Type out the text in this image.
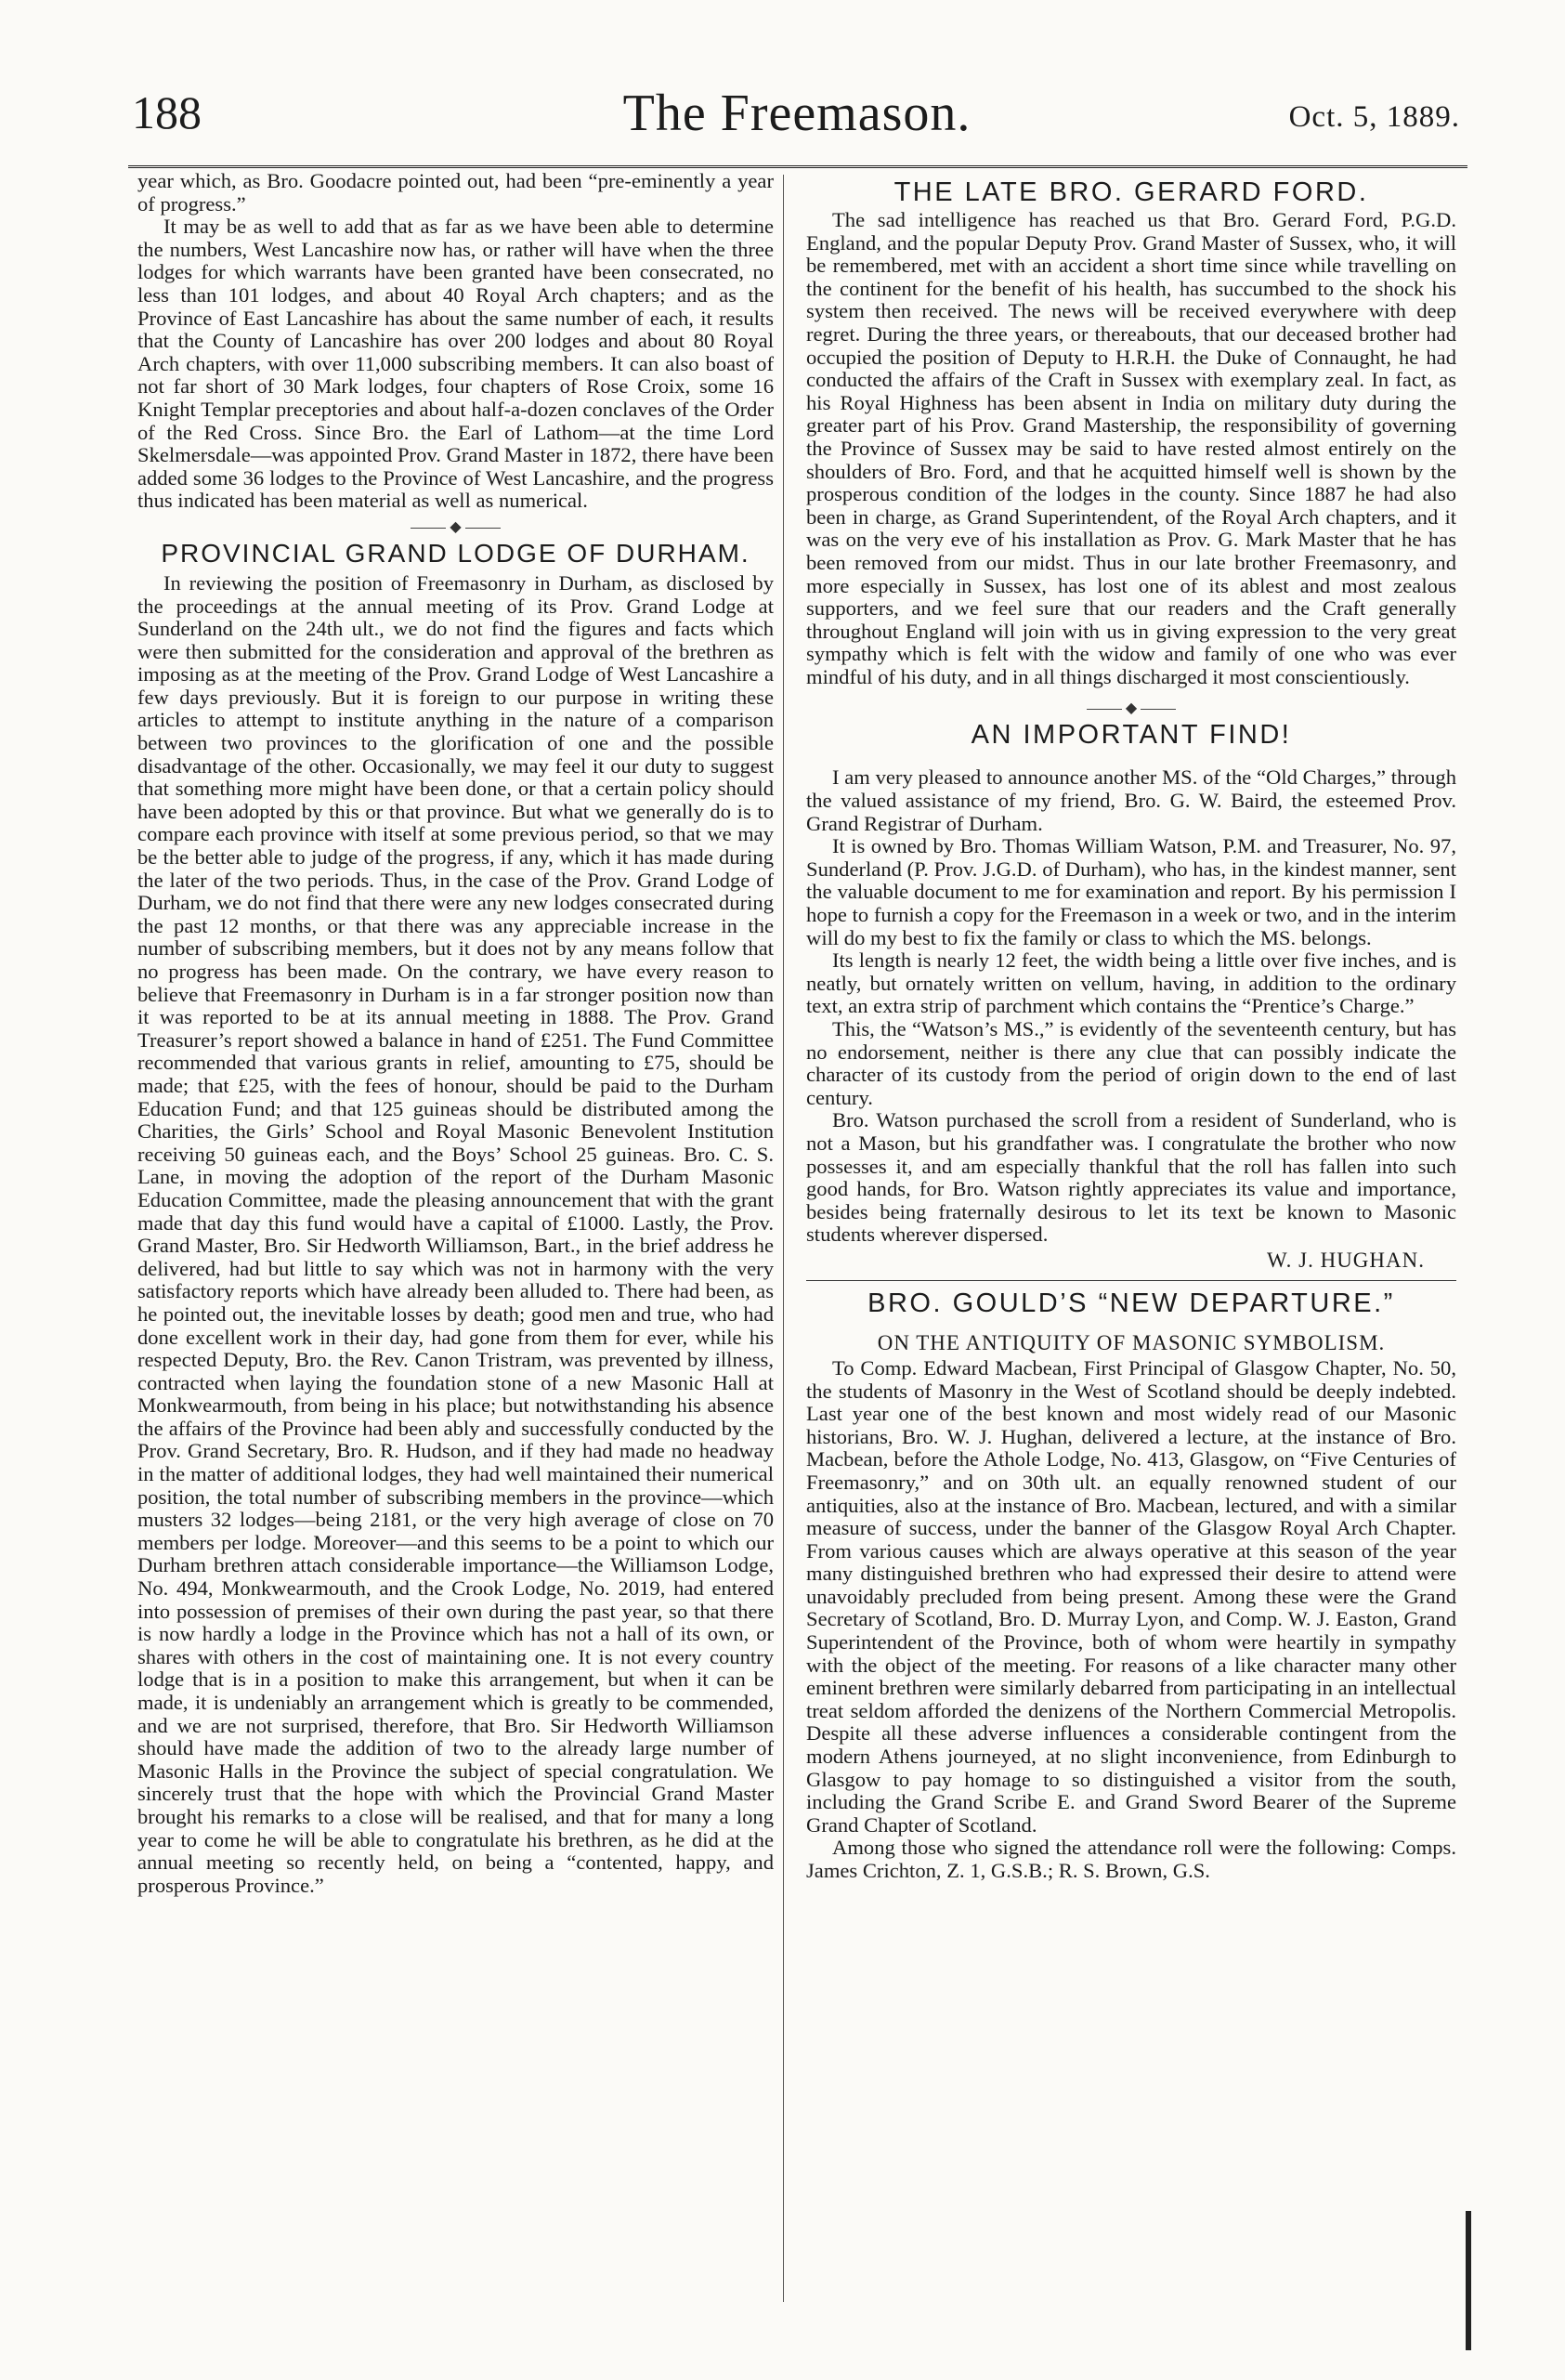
188	The Freemason.	Oct. 5, 1889.

year which, as Bro. Goodacre pointed out, had been “pre-eminently a year of progress.”

It may be as well to add that as far as we have been able to determine the numbers, West Lancashire now has, or rather will have when the three lodges for which warrants have been granted have been consecrated, no less than 101 lodges, and about 40 Royal Arch chapters; and as the Province of East Lancashire has about the same number of each, it results that the County of Lancashire has over 200 lodges and about 80 Royal Arch chapters, with over 11,000 subscribing members. It can also boast of not far short of 30 Mark lodges, four chapters of Rose Croix, some 16 Knight Templar preceptories and about half-a-dozen conclaves of the Order of the Red Cross. Since Bro. the Earl of Lathom—at the time Lord Skelmersdale—was appointed Prov. Grand Master in 1872, there have been added some 36 lodges to the Province of West Lancashire, and the progress thus indicated has been material as well as numerical.

◆
PROVINCIAL GRAND LODGE OF DURHAM.

In reviewing the position of Freemasonry in Durham, as disclosed by the proceedings at the annual meeting of its Prov. Grand Lodge at Sunderland on the 24th ult., we do not find the figures and facts which were then submitted for the consideration and approval of the brethren as imposing as at the meeting of the Prov. Grand Lodge of West Lancashire a few days previously. But it is foreign to our purpose in writing these articles to attempt to institute anything in the nature of a comparison between two provinces to the glorification of one and the possible disadvantage of the other. Occasionally, we may feel it our duty to suggest that something more might have been done, or that a certain policy should have been adopted by this or that province. But what we generally do is to compare each province with itself at some previous period, so that we may be the better able to judge of the progress, if any, which it has made during the later of the two periods. Thus, in the case of the Prov. Grand Lodge of Durham, we do not find that there were any new lodges consecrated during the past 12 months, or that there was any appreciable increase in the number of subscribing members, but it does not by any means follow that no progress has been made. On the contrary, we have every reason to believe that Freemasonry in Durham is in a far stronger position now than it was reported to be at its annual meeting in 1888. The Prov. Grand Treasurer’s report showed a balance in hand of £251. The Fund Committee recommended that various grants in relief, amounting to £75, should be made; that £25, with the fees of honour, should be paid to the Durham Education Fund; and that 125 guineas should be distributed among the Charities, the Girls’ School and Royal Masonic Benevolent Institution receiving 50 guineas each, and the Boys’ School 25 guineas. Bro. C. S. Lane, in moving the adoption of the report of the Durham Masonic Education Committee, made the pleasing announcement that with the grant made that day this fund would have a capital of £1000. Lastly, the Prov. Grand Master, Bro. Sir Hedworth Williamson, Bart., in the brief address he delivered, had but little to say which was not in harmony with the very satisfactory reports which have already been alluded to. There had been, as he pointed out, the inevitable losses by death; good men and true, who had done excellent work in their day, had gone from them for ever, while his respected Deputy, Bro. the Rev. Canon Tristram, was prevented by illness, contracted when laying the foundation stone of a new Masonic Hall at Monkwearmouth, from being in his place; but notwithstanding his absence the affairs of the Province had been ably and successfully conducted by the Prov. Grand Secretary, Bro. R. Hudson, and if they had made no headway in the matter of additional lodges, they had well maintained their numerical position, the total number of subscribing members in the province—which musters 32 lodges—being 2181, or the very high average of close on 70 members per lodge. Moreover—and this seems to be a point to which our Durham brethren attach considerable importance—the Williamson Lodge, No. 494, Monkwearmouth, and the Crook Lodge, No. 2019, had entered into possession of premises of their own during the past year, so that there is now hardly a lodge in the Province which has not a hall of its own, or shares with others in the cost of maintaining one. It is not every country lodge that is in a position to make this arrangement, but when it can be made, it is undeniably an arrangement which is greatly to be commended, and we are not surprised, therefore, that Bro. Sir Hedworth Williamson should have made the addition of two to the already large number of Masonic Halls in the Province the subject of special congratulation. We sincerely trust that the hope with which the Provincial Grand Master brought his remarks to a close will be realised, and that for many a long year to come he will be able to congratulate his brethren, as he did at the annual meeting so recently held, on being a “contented, happy, and prosperous Province.”

THE LATE BRO. GERARD FORD.

The sad intelligence has reached us that Bro. Gerard Ford, P.G.D. England, and the popular Deputy Prov. Grand Master of Sussex, who, it will be remembered, met with an accident a short time since while travelling on the continent for the benefit of his health, has succumbed to the shock his system then received. The news will be received everywhere with deep regret. During the three years, or thereabouts, that our deceased brother had occupied the position of Deputy to H.R.H. the Duke of Connaught, he had conducted the affairs of the Craft in Sussex with exemplary zeal. In fact, as his Royal Highness has been absent in India on military duty during the greater part of his Prov. Grand Mastership, the responsibility of governing the Province of Sussex may be said to have rested almost entirely on the shoulders of Bro. Ford, and that he acquitted himself well is shown by the prosperous condition of the lodges in the county. Since 1887 he had also been in charge, as Grand Superintendent, of the Royal Arch chapters, and it was on the very eve of his installation as Prov. G. Mark Master that he has been removed from our midst. Thus in our late brother Freemasonry, and more especially in Sussex, has lost one of its ablest and most zealous supporters, and we feel sure that our readers and the Craft generally throughout England will join with us in giving expression to the very great sympathy which is felt with the widow and family of one who was ever mindful of his duty, and in all things discharged it most conscientiously.

◆
AN IMPORTANT FIND!

I am very pleased to announce another MS. of the “Old Charges,” through the valued assistance of my friend, Bro. G. W. Baird, the esteemed Prov. Grand Registrar of Durham.

It is owned by Bro. Thomas William Watson, P.M. and Treasurer, No. 97, Sunderland (P. Prov. J.G.D. of Durham), who has, in the kindest manner, sent the valuable document to me for examination and report. By his permission I hope to furnish a copy for the Freemason in a week or two, and in the interim will do my best to fix the family or class to which the MS. belongs.

Its length is nearly 12 feet, the width being a little over five inches, and is neatly, but ornately written on vellum, having, in addition to the ordinary text, an extra strip of parchment which contains the “Prentice’s Charge.”

This, the “Watson’s MS.,” is evidently of the seventeenth century, but has no endorsement, neither is there any clue that can possibly indicate the character of its custody from the period of origin down to the end of last century.

Bro. Watson purchased the scroll from a resident of Sunderland, who is not a Mason, but his grandfather was. I congratulate the brother who now possesses it, and am especially thankful that the roll has fallen into such good hands, for Bro. Watson rightly appreciates its value and importance, besides being fraternally desirous to let its text be known to Masonic students wherever dispersed.

W. J. HUGHAN.
BRO. GOULD’S “NEW DEPARTURE.”
ON THE ANTIQUITY OF MASONIC SYMBOLISM.

To Comp. Edward Macbean, First Principal of Glasgow Chapter, No. 50, the students of Masonry in the West of Scotland should be deeply indebted. Last year one of the best known and most widely read of our Masonic historians, Bro. W. J. Hughan, delivered a lecture, at the instance of Bro. Macbean, before the Athole Lodge, No. 413, Glasgow, on “Five Centuries of Freemasonry,” and on 30th ult. an equally renowned student of our antiquities, also at the instance of Bro. Macbean, lectured, and with a similar measure of success, under the banner of the Glasgow Royal Arch Chapter. From various causes which are always operative at this season of the year many distinguished brethren who had expressed their desire to attend were unavoidably precluded from being present. Among these were the Grand Secretary of Scotland, Bro. D. Murray Lyon, and Comp. W. J. Easton, Grand Superintendent of the Province, both of whom were heartily in sympathy with the object of the meeting. For reasons of a like character many other eminent brethren were similarly debarred from participating in an intellectual treat seldom afforded the denizens of the Northern Commercial Metropolis. Despite all these adverse influences a considerable contingent from the modern Athens journeyed, at no slight inconvenience, from Edinburgh to Glasgow to pay homage to so distinguished a visitor from the south, including the Grand Scribe E. and Grand Sword Bearer of the Supreme Grand Chapter of Scotland.

Among those who signed the attendance roll were the following: Comps. James Crichton, Z. 1, G.S.B.; R. S. Brown, G.S.
